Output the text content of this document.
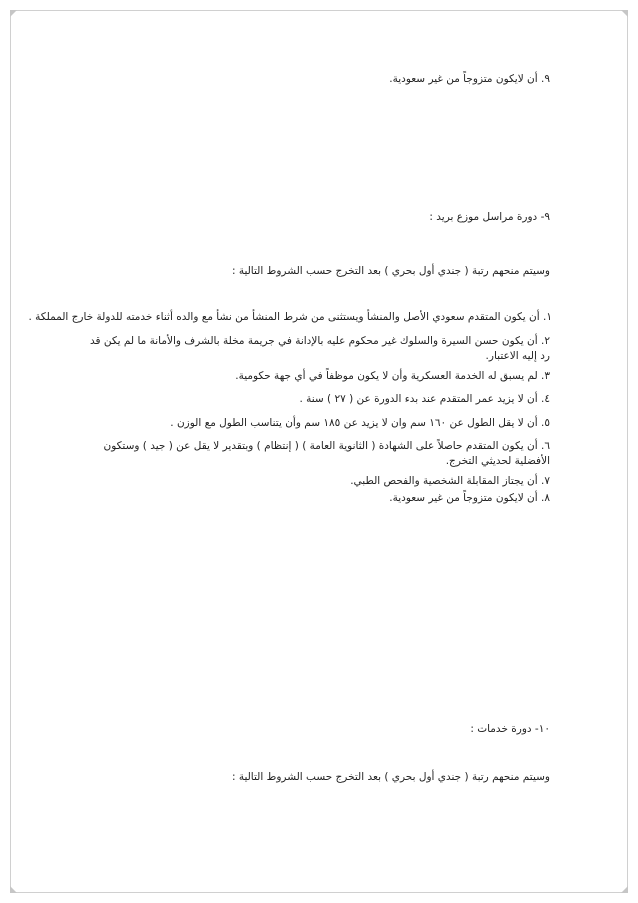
٩. أن لايكون متزوجاً من غير سعودية.
٩- دورة مراسل موزع بريد :
وسيتم منحهم رتبة ( جندي أول بحري ) بعد التخرج حسب الشروط التالية :
١. أن يكون المتقدم سعودي الأصل والمنشأ ويستثنى من شرط المنشأ من نشأ مع والده أثناء خدمته للدولة خارج المملكة .
٢. أن يكون حسن السيرة والسلوك غير محكوم عليه بالإدانة في جريمة مخلة بالشرف والأمانة ما لم يكن قد رد إليه الاعتبار.
٣. لم يسبق له الخدمة العسكرية وأن لا يكون موظفاً في أي جهة حكومية.
٤. أن لا يزيد عمر المتقدم عند بدء الدورة عن ( ٢٧ ) سنة .
٥. أن لا يقل الطول عن ١٦٠ سم وان لا يزيد عن ١٨٥ سم وأن يتناسب الطول مع الوزن .
٦. أن يكون المتقدم حاصلاً على الشهادة ( الثانوية العامة ) ( إنتظام ) وبتقدير لا يقل عن ( جيد ) وستكون الأفضلية لحديثي التخرج.
٧. أن يجتاز المقابلة الشخصية والفحص الطبي.
٨. أن لايكون متزوجاً من غير سعودية.
١٠- دورة خدمات :
وسيتم منحهم رتبة ( جندي أول بحري ) بعد التخرج حسب الشروط التالية :
